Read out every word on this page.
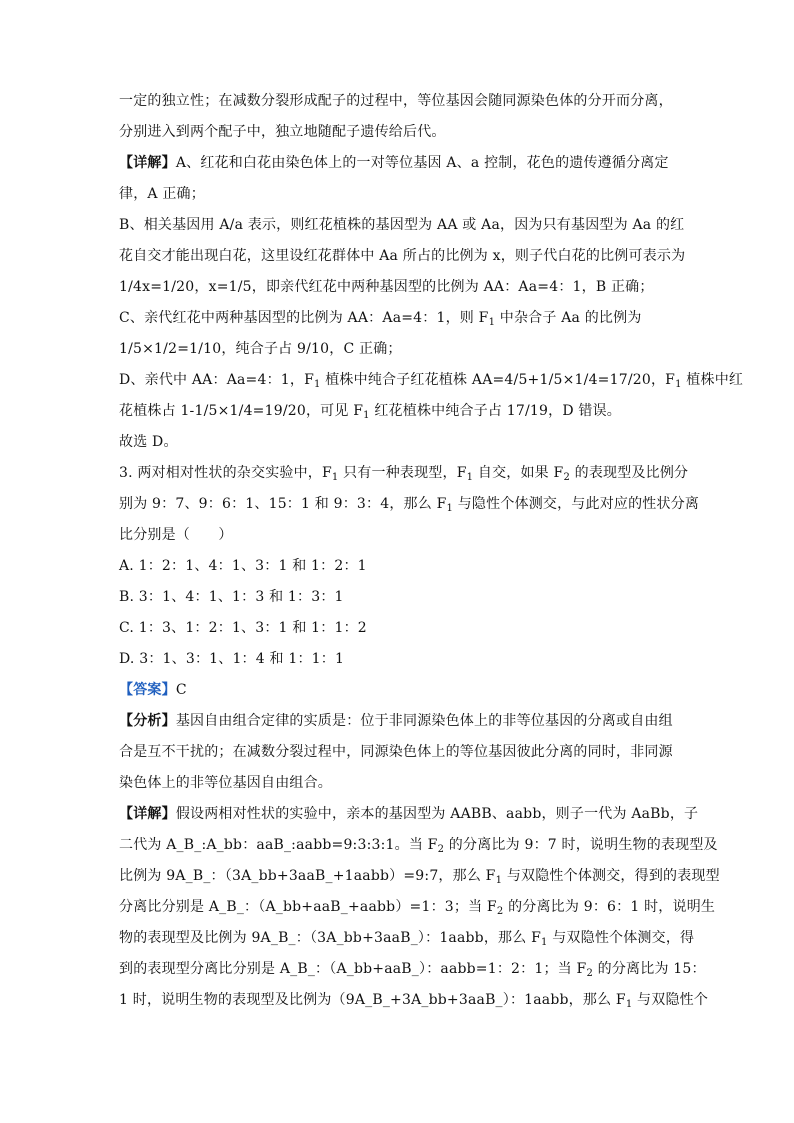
一定的独立性；在减数分裂形成配子的过程中，等位基因会随同源染色体的分开而分离，
分别进入到两个配子中，独立地随配子遗传给后代。
【详解】A、红花和白花由染色体上的一对等位基因 A、a 控制，花色的遗传遵循分离定
律，A 正确；
B、相关基因用 A/a 表示，则红花植株的基因型为 AA 或 Aa，因为只有基因型为 Aa 的红
花自交才能出现白花，这里设红花群体中 Aa 所占的比例为 x，则子代白花的比例可表示为
1/4x=1/20，x=1/5，即亲代红花中两种基因型的比例为 AA：Aa=4：1，B 正确；
C、亲代红花中两种基因型的比例为 AA：Aa=4：1，则 $F_1$ 中杂合子 Aa 的比例为
1/5×1/2=1/10，纯合子占 9/10，C 正确；
D、亲代中 AA：Aa=4：1，$F_1$ 植株中纯合子红花植株 AA=4/5+1/5×1/4=17/20，$F_1$ 植株中红
花植株占 1-1/5×1/4=19/20，可见 $F_1$ 红花植株中纯合子占 17/19，D 错误。
故选 D。
3. 两对相对性状的杂交实验中，$F_1$ 只有一种表现型，$F_1$ 自交，如果 $F_2$ 的表现型及比例分
别为 9：7、9：6：1、15：1 和 9：3：4，那么 $F_1$ 与隐性个体测交，与此对应的性状分离
比分别是（　　）
A. 1：2：1、4：1、3：1 和 1：2：1
B. 3：1、4：1、1：3 和 1：3：1
C. 1：3、1：2：1、3：1 和 1：1：2
D. 3：1、3：1、1：4 和 1：1：1
【答案】C
【分析】基因自由组合定律的实质是：位于非同源染色体上的非等位基因的分离或自由组
合是互不干扰的；在减数分裂过程中，同源染色体上的等位基因彼此分离的同时，非同源
染色体上的非等位基因自由组合。
【详解】假设两相对性状的实验中，亲本的基因型为 AABB、aabb，则子一代为 AaBb，子
二代为 A_B_:A_bb：aaB_:aabb=9:3:3:1。当 $F_2$ 的分离比为 9：7 时，说明生物的表现型及
比例为 9A_B_：（3A_bb+3aaB_+1aabb）=9:7，那么 $F_1$ 与双隐性个体测交，得到的表现型
分离比分别是 A_B_：（A_bb+aaB_+aabb）=1：3；当 $F_2$ 的分离比为 9：6：1 时，说明生
物的表现型及比例为 9A_B_：（3A_bb+3aaB_）：1aabb，那么 $F_1$ 与双隐性个体测交，得
到的表现型分离比分别是 A_B_：（A_bb+aaB_）：aabb=1：2：1；当 $F_2$ 的分离比为 15：
1 时，说明生物的表现型及比例为（9A_B_+3A_bb+3aaB_）：1aabb，那么 $F_1$ 与双隐性个
